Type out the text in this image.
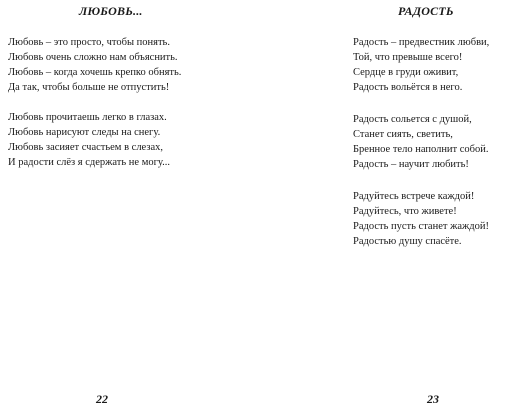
ЛЮБОВЬ...
Любовь – это просто, чтобы понять.
Любовь очень сложно нам объяснить.
Любовь – когда хочешь крепко обнять.
Да так, чтобы больше не отпустить!
Любовь прочитаешь легко в глазах.
Любовь нарисуют следы на снегу.
Любовь засияет счастьем в слезах,
И радости слёз я сдержать не могу...
22
РАДОСТЬ
Радость – предвестник любви,
Той, что превыше всего!
Сердце в груди оживит,
Радость вольётся в него.
Радость сольется с душой,
Станет сиять, светить,
Бренное тело наполнит собой.
Радость – научит любить!
Радуйтесь встрече каждой!
Радуйтесь, что живете!
Радость пусть станет жаждой!
Радостью душу спасёте.
23
